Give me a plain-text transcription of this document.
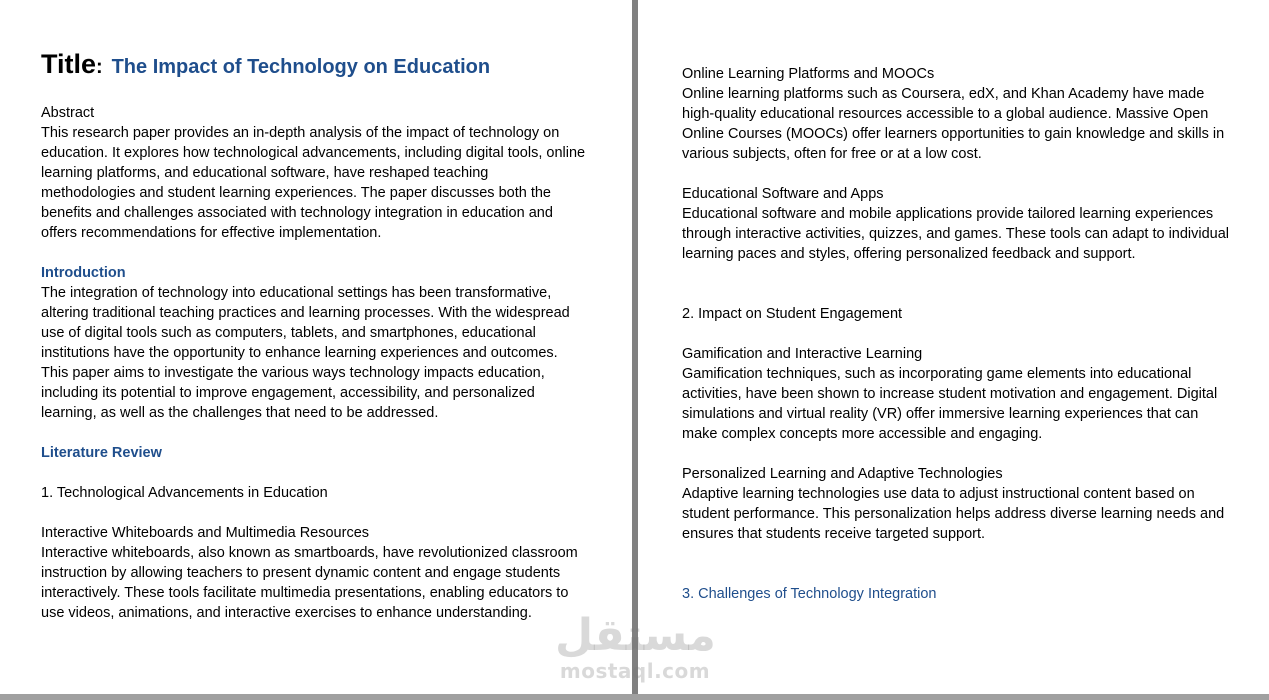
Title: The Impact of Technology on Education

Abstract

This research paper provides an in-depth analysis of the impact of technology on

education. It explores how technological advancements, including digital tools, online

learning platforms, and educational software, have reshaped teaching

methodologies and student learning experiences. The paper discusses both the

benefits and challenges associated with technology integration in education and

offers recommendations for effective implementation.

Introduction

The integration of technology into educational settings has been transformative,

altering traditional teaching practices and learning processes. With the widespread

use of digital tools such as computers, tablets, and smartphones, educational

institutions have the opportunity to enhance learning experiences and outcomes.

This paper aims to investigate the various ways technology impacts education,

including its potential to improve engagement, accessibility, and personalized

learning, as well as the challenges that need to be addressed.

Literature Review

1. Technological Advancements in Education

Interactive Whiteboards and Multimedia Resources

Interactive whiteboards, also known as smartboards, have revolutionized classroom

instruction by allowing teachers to present dynamic content and engage students

interactively. These tools facilitate multimedia presentations, enabling educators to

use videos, animations, and interactive exercises to enhance understanding.

Online Learning Platforms and MOOCs

Online learning platforms such as Coursera, edX, and Khan Academy have made

high-quality educational resources accessible to a global audience. Massive Open

Online Courses (MOOCs) offer learners opportunities to gain knowledge and skills in

various subjects, often for free or at a low cost.

Educational Software and Apps

Educational software and mobile applications provide tailored learning experiences

through interactive activities, quizzes, and games. These tools can adapt to individual

learning paces and styles, offering personalized feedback and support.

2. Impact on Student Engagement

Gamification and Interactive Learning

Gamification techniques, such as incorporating game elements into educational

activities, have been shown to increase student motivation and engagement. Digital

simulations and virtual reality (VR) offer immersive learning experiences that can

make complex concepts more accessible and engaging.

Personalized Learning and Adaptive Technologies

Adaptive learning technologies use data to adjust instructional content based on

student performance. This personalization helps address diverse learning needs and

ensures that students receive targeted support.

3. Challenges of Technology Integration

مستقل
mostaql.com
